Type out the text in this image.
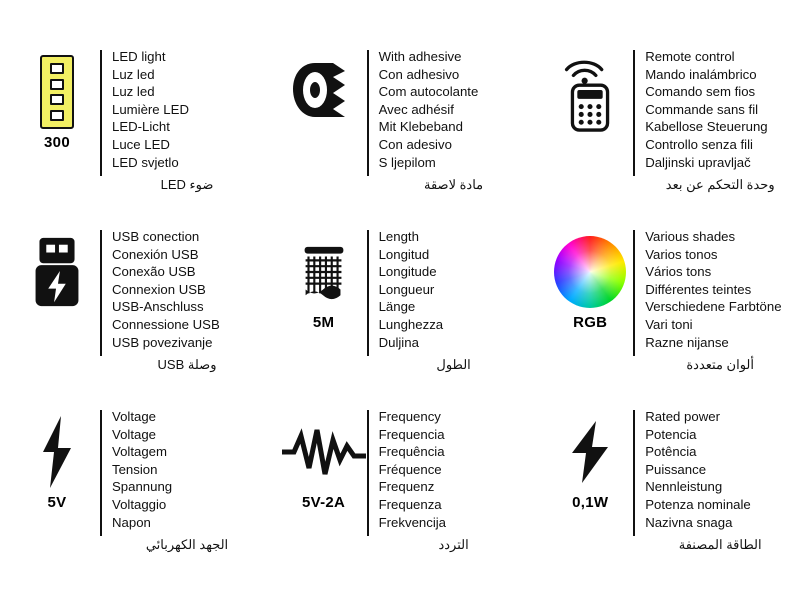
300
LED light
Luz led
Luz led
Lumière LED
LED-Licht
Luce LED
LED svjetlo
ضوء LED
With adhesive
Con adhesivo
Com autocolante
Avec adhésif
Mit Klebeband
Con adesivo
S ljepilom
مادة لاصقة
Remote control
Mando inalámbrico
Comando sem fios
Commande sans fil
Kabellose Steuerung
Controllo senza fili
Daljinski upravljač
وحدة التحكم عن بعد
USB conection
Conexión USB
Conexão USB
Connexion USB
USB-Anschluss
Connessione USB
USB povezivanje
وصلة USB
5M
Length
Longitud
Longitude
Longueur
Länge
Lunghezza
Duljina
الطول
RGB
Various shades
Varios tonos
Vários tons
Différentes teintes
Verschiedene Farbtöne
Vari toni
Razne nijanse
ألوان متعددة
5V
Voltage
Voltage
Voltagem
Tension
Spannung
Voltaggio
Napon
الجهد الكهربائي
5V-2A
Frequency
Frequencia
Frequência
Fréquence
Frequenz
Frequenza
Frekvencija
التردد
0,1W
Rated power
Potencia
Potência
Puissance
Nennleistung
Potenza nominale
Nazivna snaga
الطاقة المصنفة
